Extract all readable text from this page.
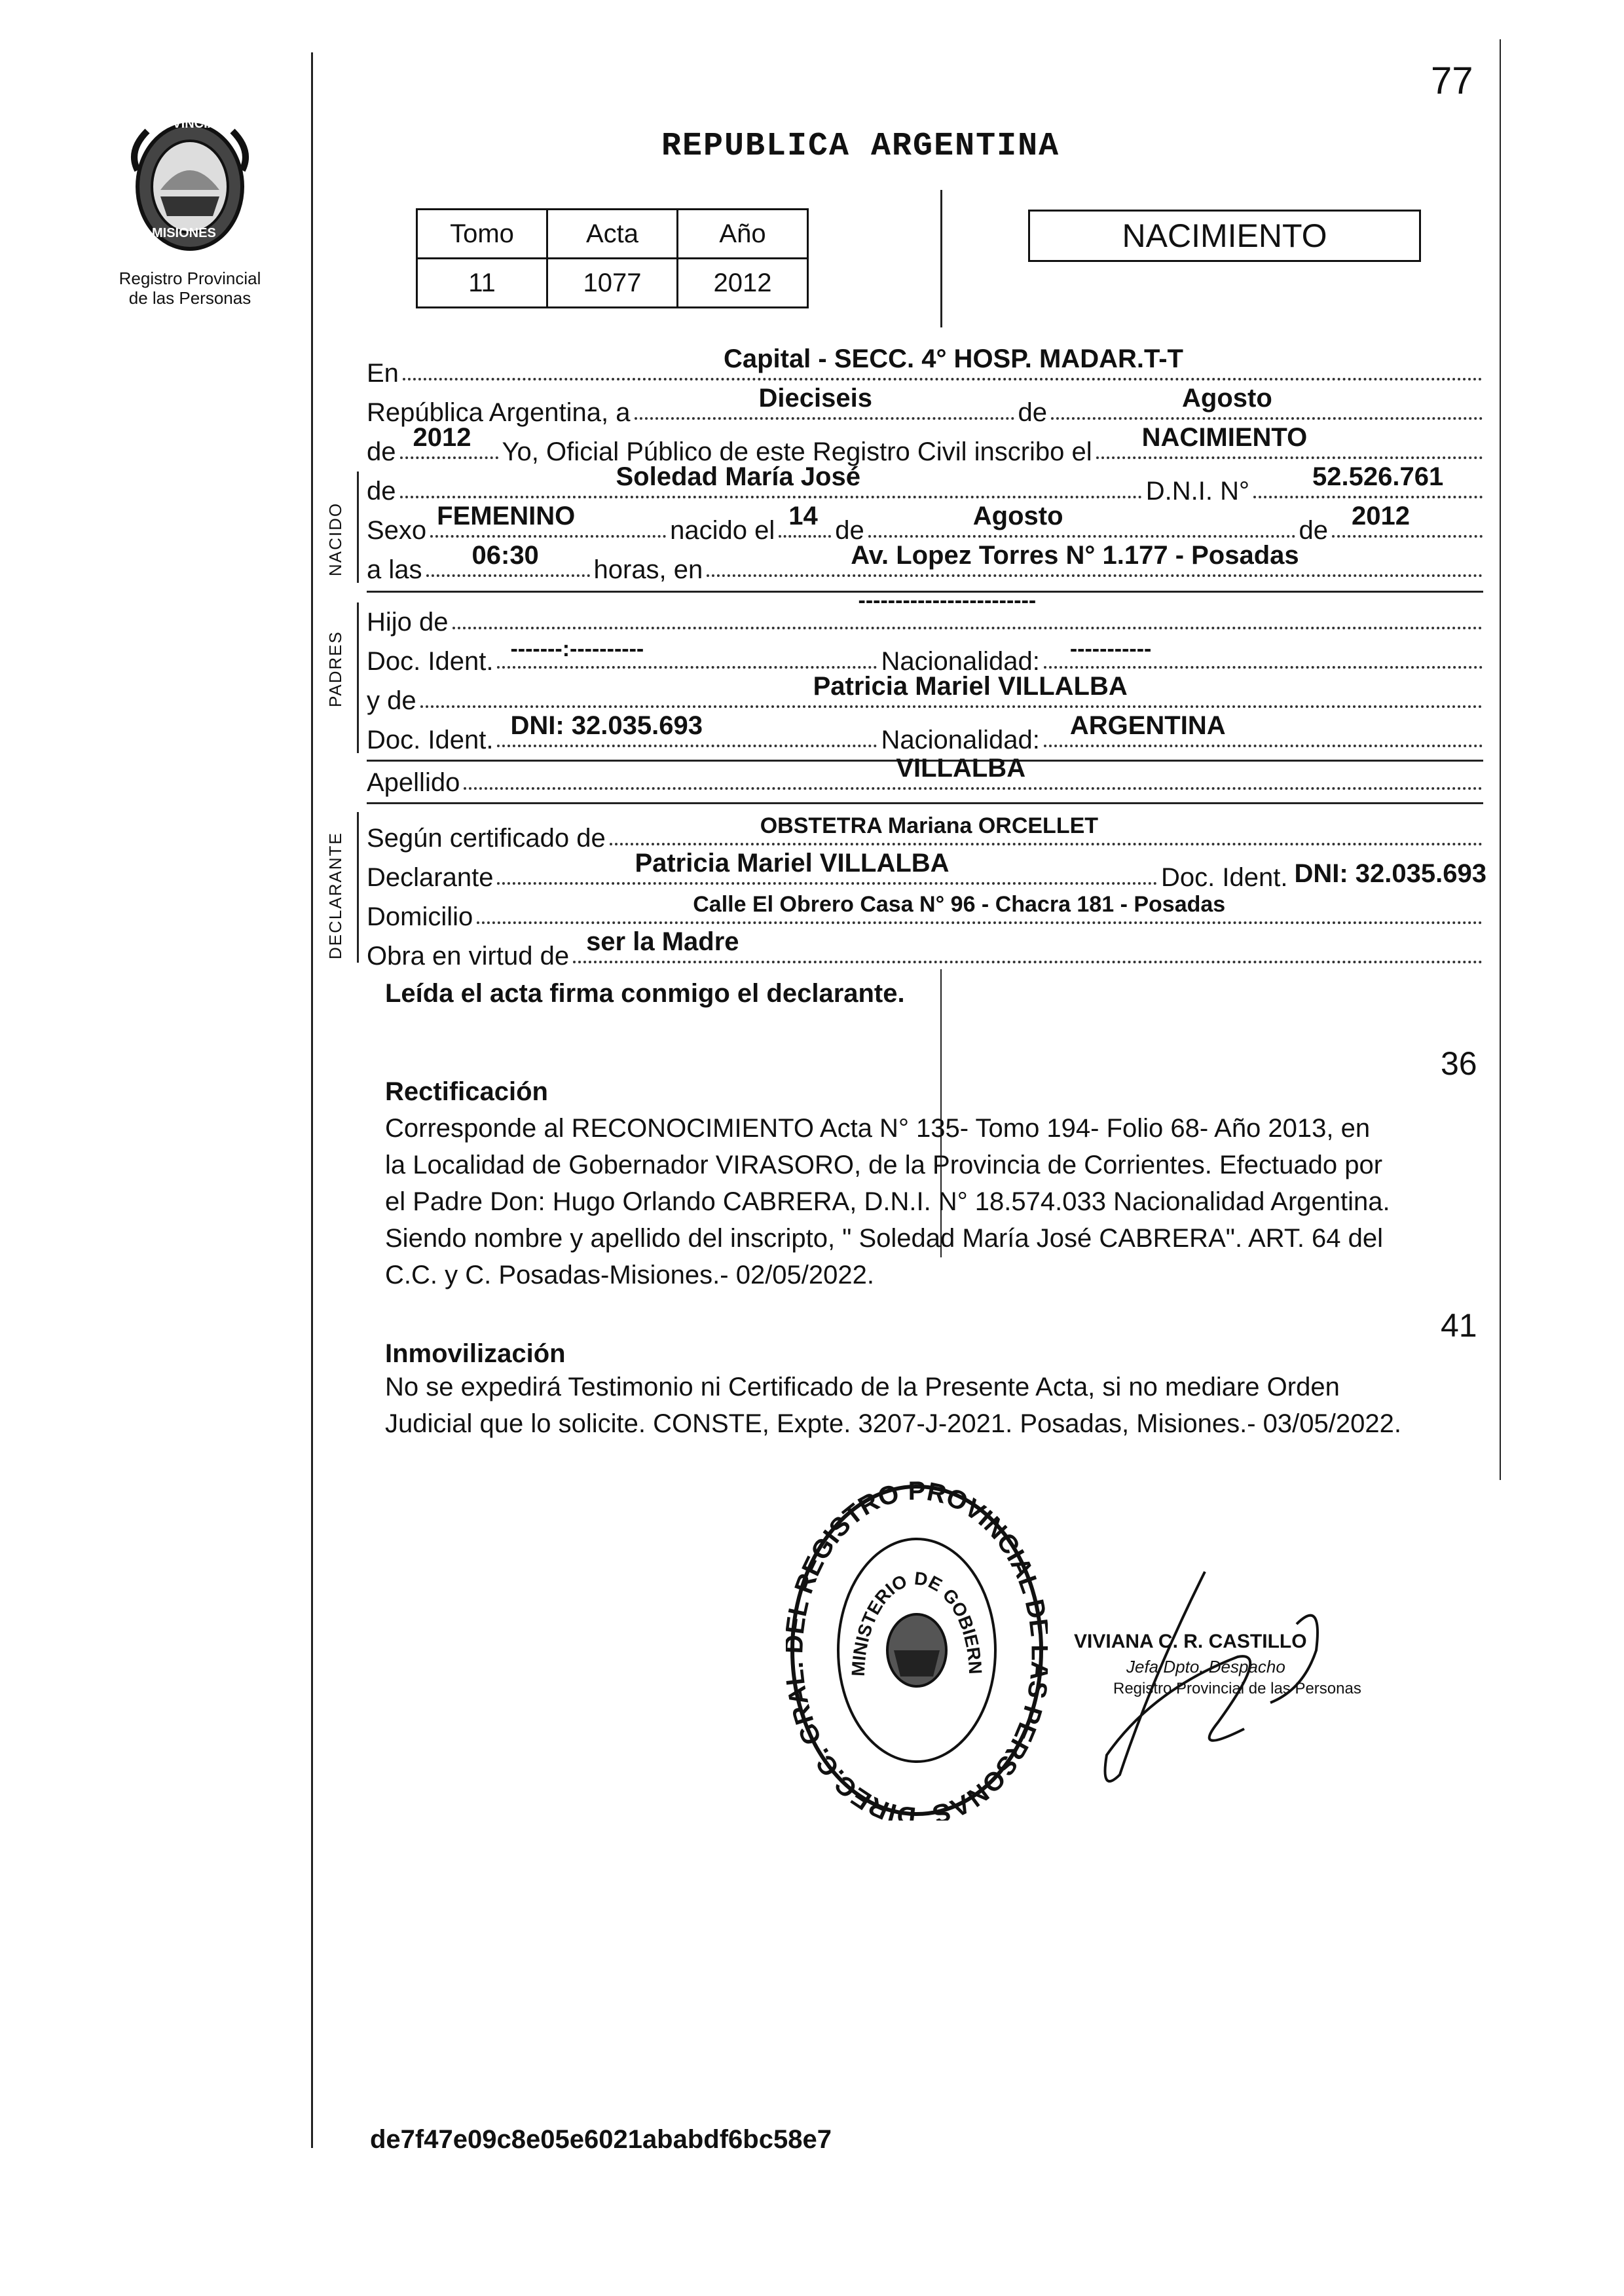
PROVINCIA DE
MISIONES
Registro Provincial
de las Personas
77
REPUBLICA ARGENTINA
Tomo	Acta	Año
11	1077	2012
NACIMIENTO
NACIDO
PADRES
DECLARANTE
En	Capital - SECC. 4° HOSP. MADAR.T-T
República Argentina, a	Dieciseis	de	Agosto
de 2012 Yo, Oficial Público de este Registro Civil inscribo el NACIMIENTO
de	Soledad María José	D.N.I. N° 52.526.761
Sexo FEMENINO	nacido el 14 de	Agosto	de 2012
a las 06:30 horas, en	Av. Lopez Torres N° 1.177 - Posadas
Hijo de
------------------------
Doc. Ident. -------:----------	Nacionalidad: -----------
y de	Patricia Mariel VILLALBA
Doc. Ident. DNI: 32.035.693	Nacionalidad: ARGENTINA
Apellido	VILLALBA
Según certificado de	OBSTETRA Mariana ORCELLET
Declarante	Patricia Mariel VILLALBA	Doc. Ident. DNI: 32.035.693
Domicilio	Calle El Obrero Casa N° 96 - Chacra 181 - Posadas
Obra en virtud de ser la Madre
Leída el acta firma conmigo el declarante.
36
Rectificación
Corresponde al RECONOCIMIENTO Acta N° 135- Tomo 194- Folio 68- Año 2013, en
la Localidad de Gobernador VIRASORO, de la Provincia de Corrientes. Efectuado por
el Padre Don: Hugo Orlando CABRERA, D.N.I. N° 18.574.033 Nacionalidad Argentina.
Siendo nombre y apellido del inscripto, " Soledad María José CABRERA". ART. 64 del
C.C. y C. Posadas-Misiones.- 02/05/2022.
41
Inmovilización
No se expedirá Testimonio ni Certificado de la Presente Acta, si no mediare Orden
Judicial que lo solicite. CONSTE, Expte. 3207-J-2021. Posadas, Misiones.- 03/05/2022.
DIREC.C. GR L REGISTRO PROVINCIAL PERSONAS
MINISTERIO DE GOBIERN
VIVIANA C. R. CASTILLO
Jefa Dpto. Despacho
Registro Provincial de las Personas
de7f47e09c8e05e6021ababdf6bc58e7
